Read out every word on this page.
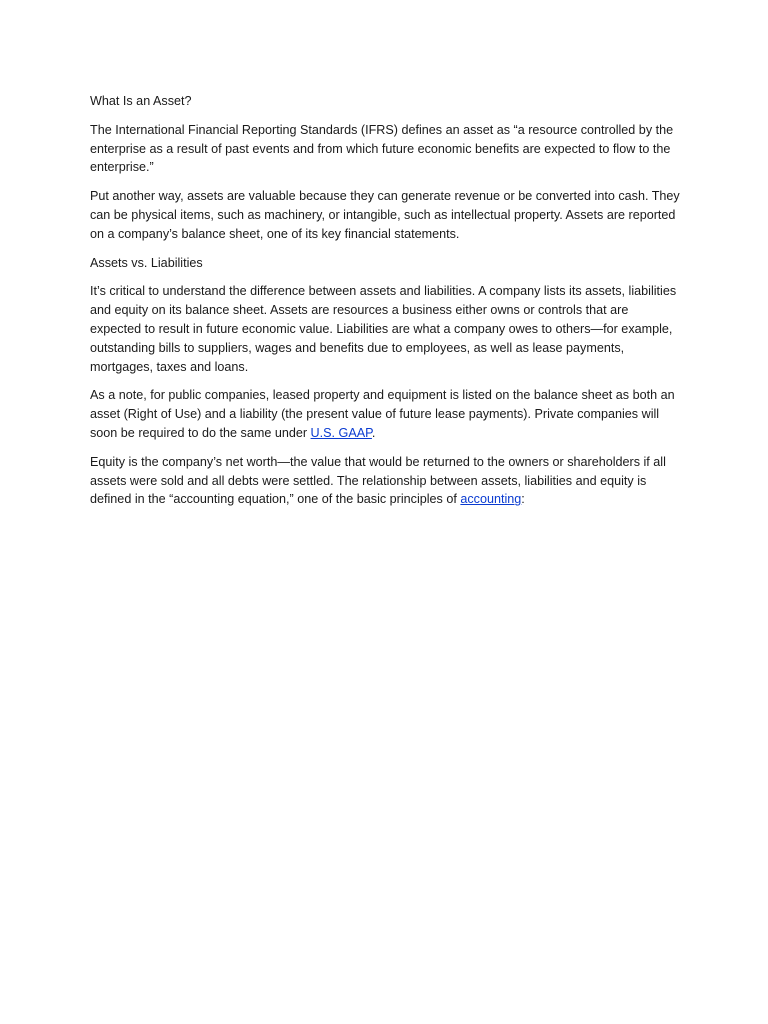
What Is an Asset?

The International Financial Reporting Standards (IFRS) defines an asset as “a resource controlled by the enterprise as a result of past events and from which future economic benefits are expected to flow to the enterprise.”

Put another way, assets are valuable because they can generate revenue or be converted into cash. They can be physical items, such as machinery, or intangible, such as intellectual property. Assets are reported on a company’s balance sheet, one of its key financial statements.

Assets vs. Liabilities

It’s critical to understand the difference between assets and liabilities. A company lists its assets, liabilities and equity on its balance sheet. Assets are resources a business either owns or controls that are expected to result in future economic value. Liabilities are what a company owes to others—for example, outstanding bills to suppliers, wages and benefits due to employees, as well as lease payments, mortgages, taxes and loans.

As a note, for public companies, leased property and equipment is listed on the balance sheet as both an asset (Right of Use) and a liability (the present value of future lease payments). Private companies will soon be required to do the same under U.S. GAAP.

Equity is the company’s net worth—the value that would be returned to the owners or shareholders if all assets were sold and all debts were settled. The relationship between assets, liabilities and equity is defined in the “accounting equation,” one of the basic principles of accounting:
